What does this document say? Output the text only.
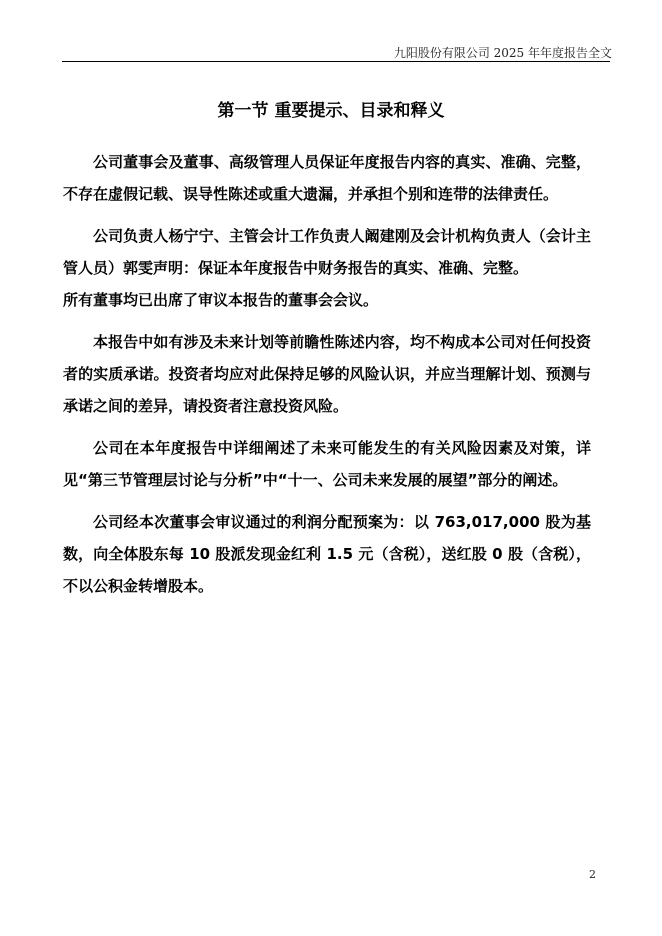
九阳股份有限公司 2025 年年度报告全文
第一节 重要提示、目录和释义

公司董事会及董事、高级管理人员保证年度报告内容的真实、准确、完整，不存在虚假记载、误导性陈述或重大遗漏，并承担个别和连带的法律责任。

公司负责人杨宁宁、主管会计工作负责人阚建刚及会计机构负责人（会计主管人员）郭雯声明：保证本年度报告中财务报告的真实、准确、完整。

所有董事均已出席了审议本报告的董事会会议。

本报告中如有涉及未来计划等前瞻性陈述内容，均不构成本公司对任何投资者的实质承诺。投资者均应对此保持足够的风险认识，并应当理解计划、预测与承诺之间的差异，请投资者注意投资风险。

公司在本年度报告中详细阐述了未来可能发生的有关风险因素及对策，详见“第三节管理层讨论与分析”中“十一、公司未来发展的展望”部分的阐述。

公司经本次董事会审议通过的利润分配预案为：以 763,017,000 股为基数，向全体股东每 10 股派发现金红利 1.5 元（含税），送红股 0 股（含税），不以公积金转增股本。

2
